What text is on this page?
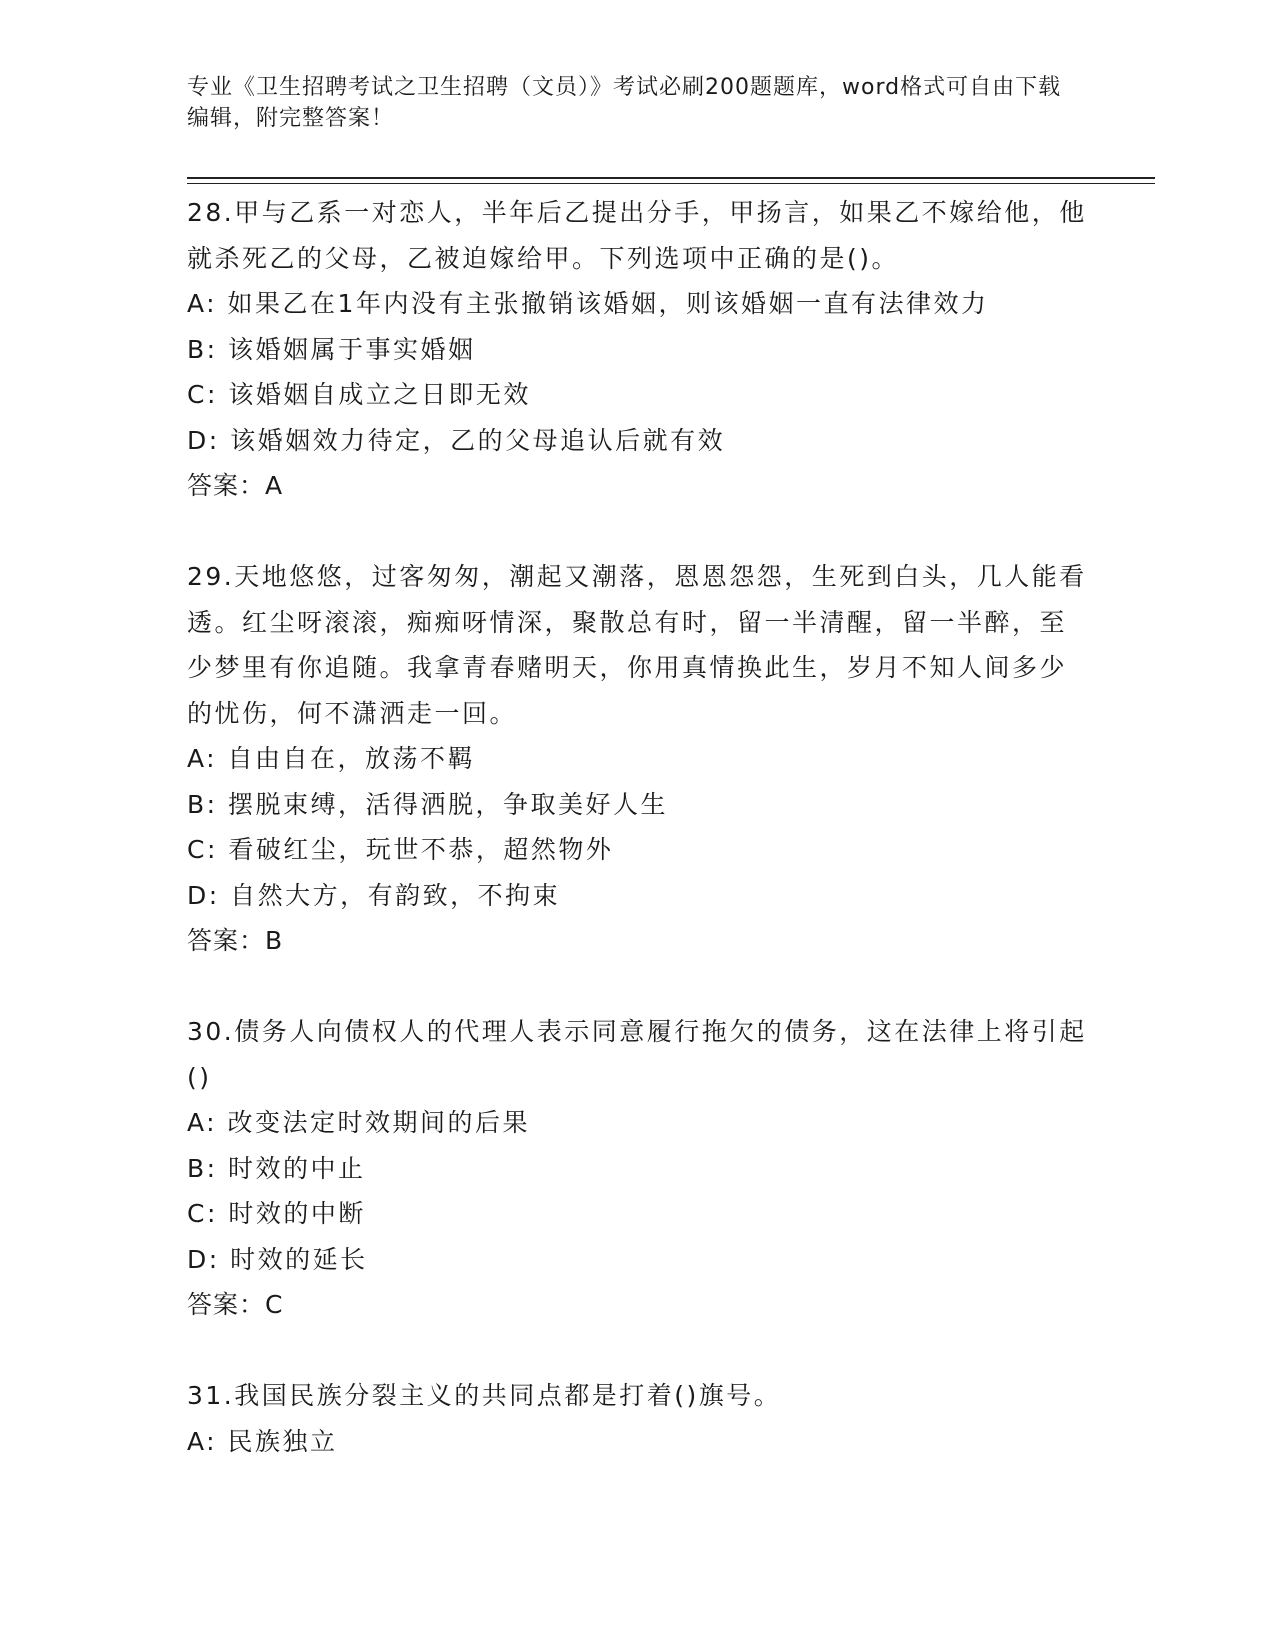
专业《卫生招聘考试之卫生招聘（文员）》考试必刷200题题库，word格式可自由下载编辑，附完整答案！

28.甲与乙系一对恋人，半年后乙提出分手，甲扬言，如果乙不嫁给他，他就杀死乙的父母，乙被迫嫁给甲。下列选项中正确的是()。

A: 如果乙在1年内没有主张撤销该婚姻，则该婚姻一直有法律效力

B: 该婚姻属于事实婚姻

C: 该婚姻自成立之日即无效

D: 该婚姻效力待定，乙的父母追认后就有效

答案：A

29.天地悠悠，过客匆匆，潮起又潮落，恩恩怨怨，生死到白头，几人能看透。红尘呀滚滚，痴痴呀情深，聚散总有时，留一半清醒，留一半醉，至少梦里有你追随。我拿青春赌明天，你用真情换此生，岁月不知人间多少的忧伤，何不潇洒走一回。

A: 自由自在，放荡不羁

B: 摆脱束缚，活得洒脱，争取美好人生

C: 看破红尘，玩世不恭，超然物外

D: 自然大方，有韵致，不拘束

答案：B

30.债务人向债权人的代理人表示同意履行拖欠的债务，这在法律上将引起()

A: 改变法定时效期间的后果

B: 时效的中止

C: 时效的中断

D: 时效的延长

答案：C

31.我国民族分裂主义的共同点都是打着()旗号。

A: 民族独立
